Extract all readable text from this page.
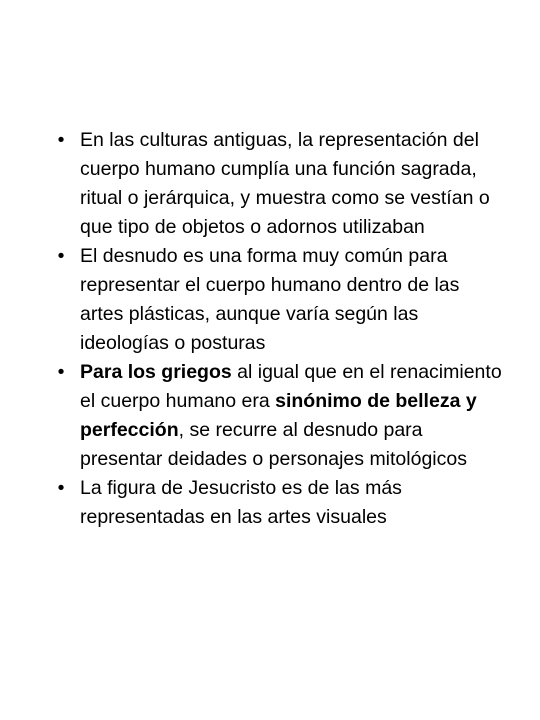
• En las culturas antiguas, la representación del cuerpo humano cumplía una función sagrada, ritual o jerárquica, y muestra como se vestían o que tipo de objetos o adornos utilizaban
• El desnudo es una forma muy común para representar el cuerpo humano dentro de las artes plásticas, aunque varía según las ideologías o posturas
• Para los griegos al igual que en el renacimiento el cuerpo humano era sinónimo de belleza y perfección, se recurre al desnudo para presentar deidades o personajes mitológicos
• La figura de Jesucristo es de las más representadas en las artes visuales
